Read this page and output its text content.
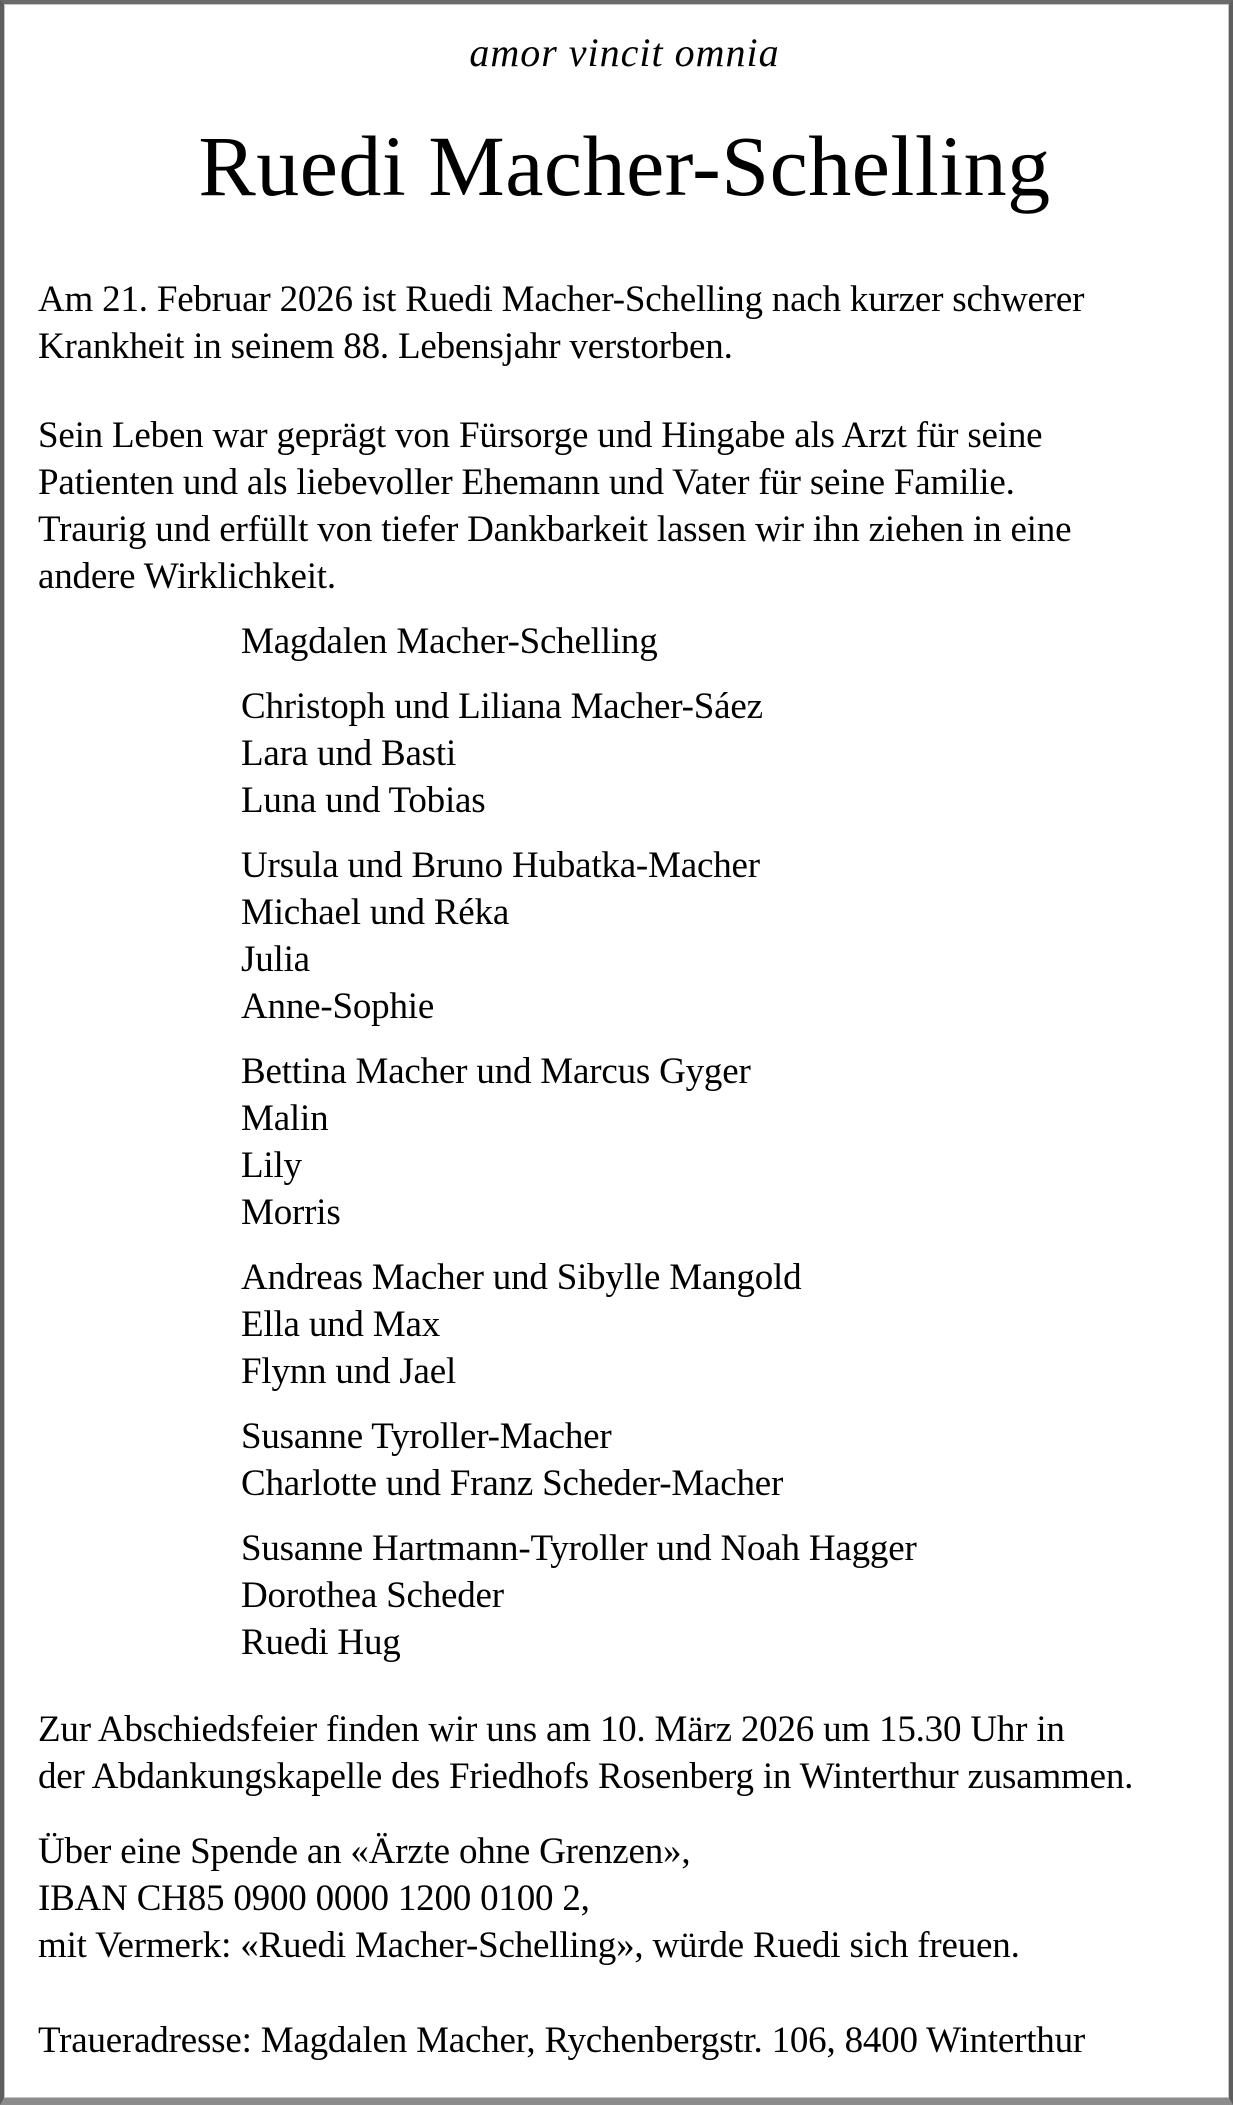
amor vincit omnia
Ruedi Macher-Schelling
Am 21. Februar 2026 ist Ruedi Macher-Schelling nach kurzer schwerer
Krankheit in seinem 88. Lebensjahr verstorben.
Sein Leben war geprägt von Fürsorge und Hingabe als Arzt für seine
Patienten und als liebevoller Ehemann und Vater für seine Familie.
Traurig und erfüllt von tiefer Dankbarkeit lassen wir ihn ziehen in eine
andere Wirklichkeit.
Magdalen Macher-Schelling
Christoph und Liliana Macher-Sáez
Lara und Basti
Luna und Tobias
Ursula und Bruno Hubatka-Macher
Michael und Réka
Julia
Anne-Sophie
Bettina Macher und Marcus Gyger
Malin
Lily
Morris
Andreas Macher und Sibylle Mangold
Ella und Max
Flynn und Jael
Susanne Tyroller-Macher
Charlotte und Franz Scheder-Macher
Susanne Hartmann-Tyroller und Noah Hagger
Dorothea Scheder
Ruedi Hug
Zur Abschiedsfeier finden wir uns am 10. März 2026 um 15.30 Uhr in
der Abdankungskapelle des Friedhofs Rosenberg in Winterthur zusammen.
Über eine Spende an «Ärzte ohne Grenzen»,
IBAN CH85 0900 0000 1200 0100 2,
mit Vermerk: «Ruedi Macher-Schelling», würde Ruedi sich freuen.
Traueradresse: Magdalen Macher, Rychenbergstr. 106, 8400 Winterthur
